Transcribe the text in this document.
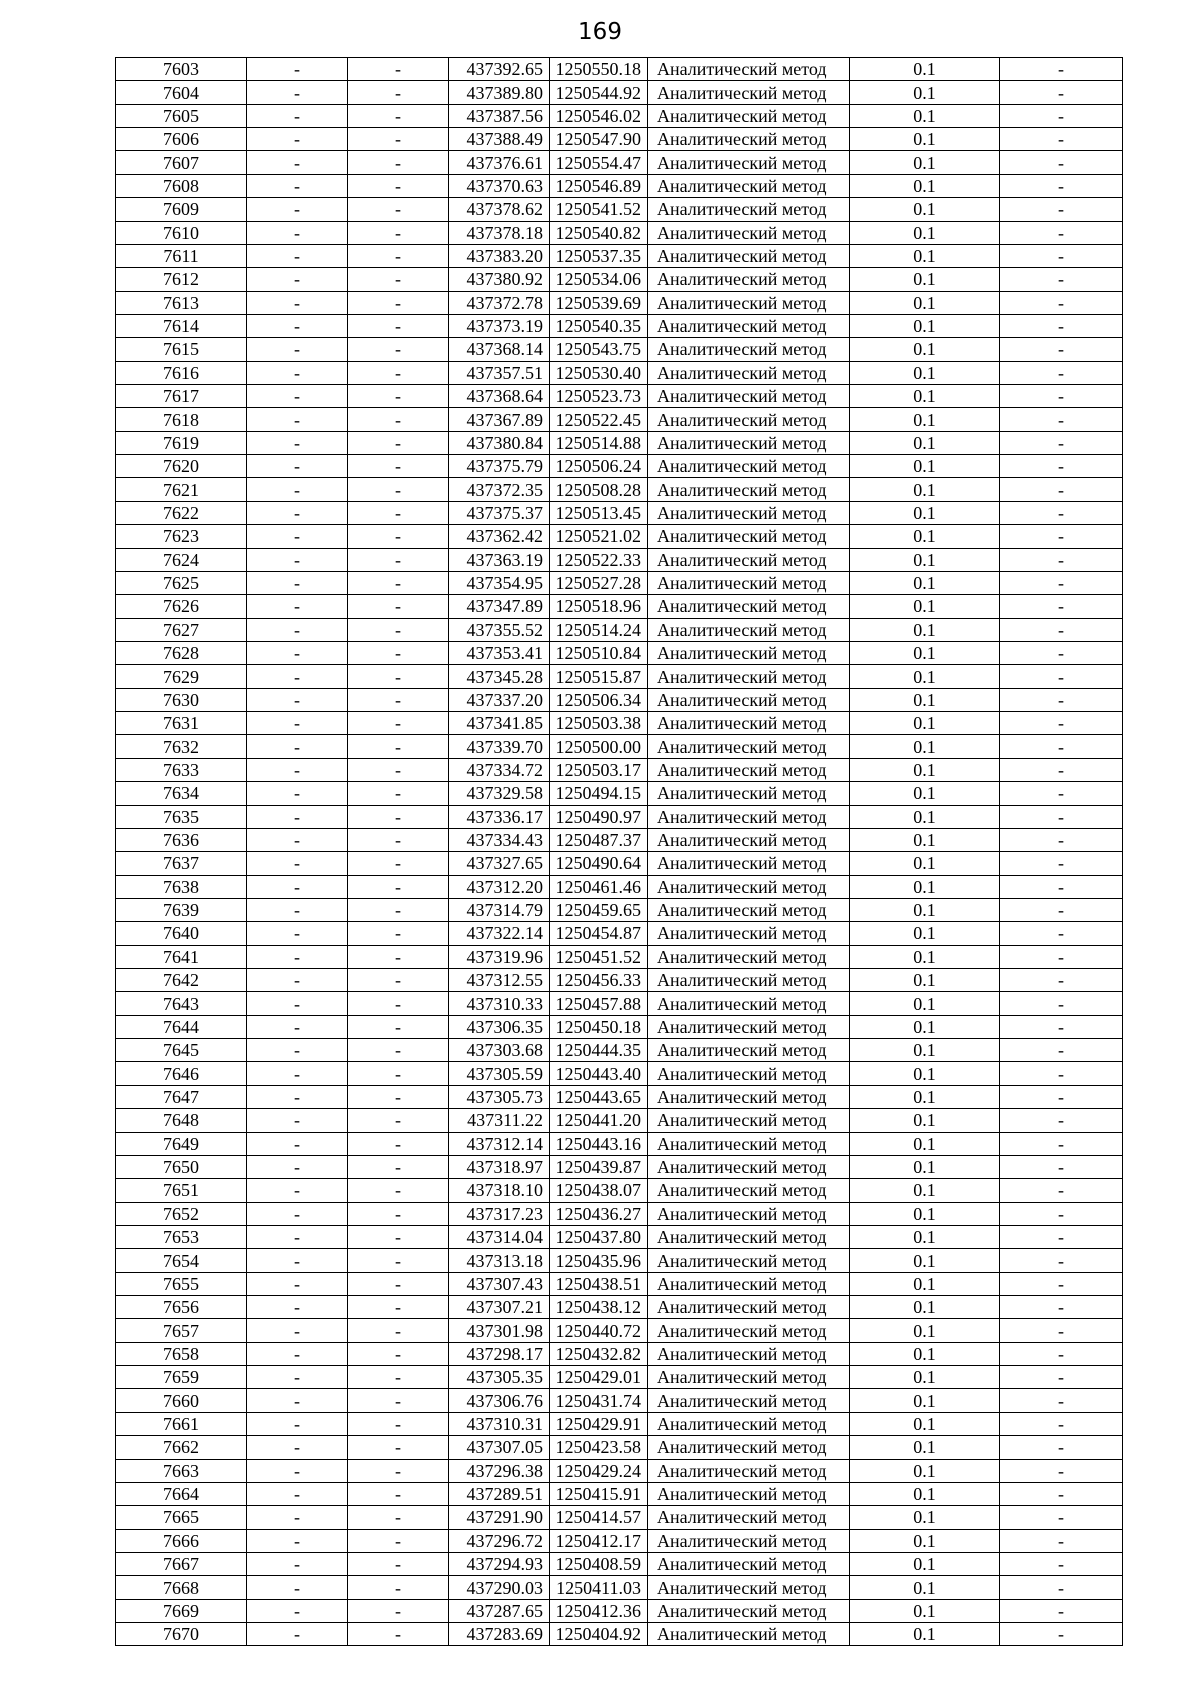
169
7603	-	-	437392.65	1250550.18	Аналитический метод	0.1	-
7604	-	-	437389.80	1250544.92	Аналитический метод	0.1	-
7605	-	-	437387.56	1250546.02	Аналитический метод	0.1	-
7606	-	-	437388.49	1250547.90	Аналитический метод	0.1	-
7607	-	-	437376.61	1250554.47	Аналитический метод	0.1	-
7608	-	-	437370.63	1250546.89	Аналитический метод	0.1	-
7609	-	-	437378.62	1250541.52	Аналитический метод	0.1	-
7610	-	-	437378.18	1250540.82	Аналитический метод	0.1	-
7611	-	-	437383.20	1250537.35	Аналитический метод	0.1	-
7612	-	-	437380.92	1250534.06	Аналитический метод	0.1	-
7613	-	-	437372.78	1250539.69	Аналитический метод	0.1	-
7614	-	-	437373.19	1250540.35	Аналитический метод	0.1	-
7615	-	-	437368.14	1250543.75	Аналитический метод	0.1	-
7616	-	-	437357.51	1250530.40	Аналитический метод	0.1	-
7617	-	-	437368.64	1250523.73	Аналитический метод	0.1	-
7618	-	-	437367.89	1250522.45	Аналитический метод	0.1	-
7619	-	-	437380.84	1250514.88	Аналитический метод	0.1	-
7620	-	-	437375.79	1250506.24	Аналитический метод	0.1	-
7621	-	-	437372.35	1250508.28	Аналитический метод	0.1	-
7622	-	-	437375.37	1250513.45	Аналитический метод	0.1	-
7623	-	-	437362.42	1250521.02	Аналитический метод	0.1	-
7624	-	-	437363.19	1250522.33	Аналитический метод	0.1	-
7625	-	-	437354.95	1250527.28	Аналитический метод	0.1	-
7626	-	-	437347.89	1250518.96	Аналитический метод	0.1	-
7627	-	-	437355.52	1250514.24	Аналитический метод	0.1	-
7628	-	-	437353.41	1250510.84	Аналитический метод	0.1	-
7629	-	-	437345.28	1250515.87	Аналитический метод	0.1	-
7630	-	-	437337.20	1250506.34	Аналитический метод	0.1	-
7631	-	-	437341.85	1250503.38	Аналитический метод	0.1	-
7632	-	-	437339.70	1250500.00	Аналитический метод	0.1	-
7633	-	-	437334.72	1250503.17	Аналитический метод	0.1	-
7634	-	-	437329.58	1250494.15	Аналитический метод	0.1	-
7635	-	-	437336.17	1250490.97	Аналитический метод	0.1	-
7636	-	-	437334.43	1250487.37	Аналитический метод	0.1	-
7637	-	-	437327.65	1250490.64	Аналитический метод	0.1	-
7638	-	-	437312.20	1250461.46	Аналитический метод	0.1	-
7639	-	-	437314.79	1250459.65	Аналитический метод	0.1	-
7640	-	-	437322.14	1250454.87	Аналитический метод	0.1	-
7641	-	-	437319.96	1250451.52	Аналитический метод	0.1	-
7642	-	-	437312.55	1250456.33	Аналитический метод	0.1	-
7643	-	-	437310.33	1250457.88	Аналитический метод	0.1	-
7644	-	-	437306.35	1250450.18	Аналитический метод	0.1	-
7645	-	-	437303.68	1250444.35	Аналитический метод	0.1	-
7646	-	-	437305.59	1250443.40	Аналитический метод	0.1	-
7647	-	-	437305.73	1250443.65	Аналитический метод	0.1	-
7648	-	-	437311.22	1250441.20	Аналитический метод	0.1	-
7649	-	-	437312.14	1250443.16	Аналитический метод	0.1	-
7650	-	-	437318.97	1250439.87	Аналитический метод	0.1	-
7651	-	-	437318.10	1250438.07	Аналитический метод	0.1	-
7652	-	-	437317.23	1250436.27	Аналитический метод	0.1	-
7653	-	-	437314.04	1250437.80	Аналитический метод	0.1	-
7654	-	-	437313.18	1250435.96	Аналитический метод	0.1	-
7655	-	-	437307.43	1250438.51	Аналитический метод	0.1	-
7656	-	-	437307.21	1250438.12	Аналитический метод	0.1	-
7657	-	-	437301.98	1250440.72	Аналитический метод	0.1	-
7658	-	-	437298.17	1250432.82	Аналитический метод	0.1	-
7659	-	-	437305.35	1250429.01	Аналитический метод	0.1	-
7660	-	-	437306.76	1250431.74	Аналитический метод	0.1	-
7661	-	-	437310.31	1250429.91	Аналитический метод	0.1	-
7662	-	-	437307.05	1250423.58	Аналитический метод	0.1	-
7663	-	-	437296.38	1250429.24	Аналитический метод	0.1	-
7664	-	-	437289.51	1250415.91	Аналитический метод	0.1	-
7665	-	-	437291.90	1250414.57	Аналитический метод	0.1	-
7666	-	-	437296.72	1250412.17	Аналитический метод	0.1	-
7667	-	-	437294.93	1250408.59	Аналитический метод	0.1	-
7668	-	-	437290.03	1250411.03	Аналитический метод	0.1	-
7669	-	-	437287.65	1250412.36	Аналитический метод	0.1	-
7670	-	-	437283.69	1250404.92	Аналитический метод	0.1	-
